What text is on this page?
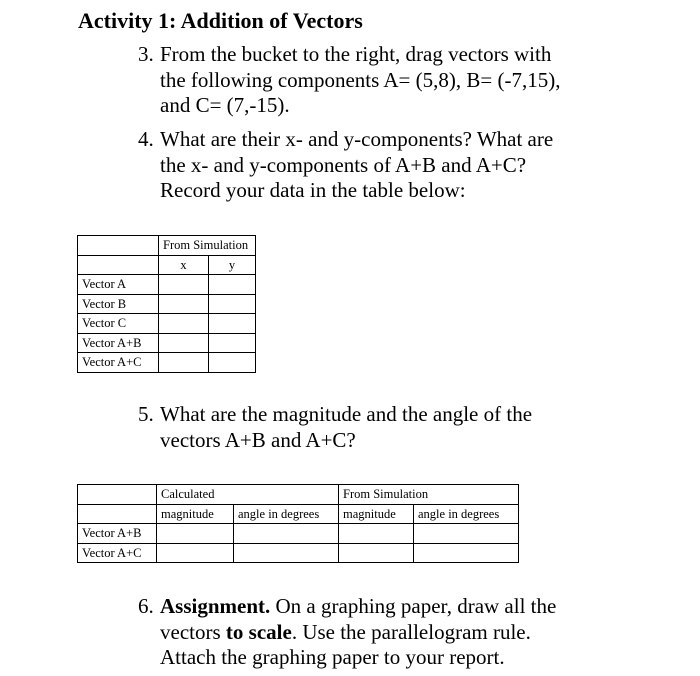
Activity 1: Addition of Vectors
3. From the bucket to the right, drag vectors with
the following components A= (5,8), B= (-7,15),
and C= (7,-15).
4. What are their x- and y-components? What are
the x- and y-components of A+B and A+C?
Record your data in the table below:
	From Simulation	
	x	y
Vector A		
Vector B		
Vector C		
Vector A+B		
Vector A+C		
5. What are the magnitude and the angle of the
vectors A+B and A+C?
	Calculated		From Simulation	
	magnitude	angle in degrees	magnitude	angle in degrees
Vector A+B				
Vector A+C				
6. Assignment. On a graphing paper, draw all the
vectors to scale. Use the parallelogram rule.
Attach the graphing paper to your report.
